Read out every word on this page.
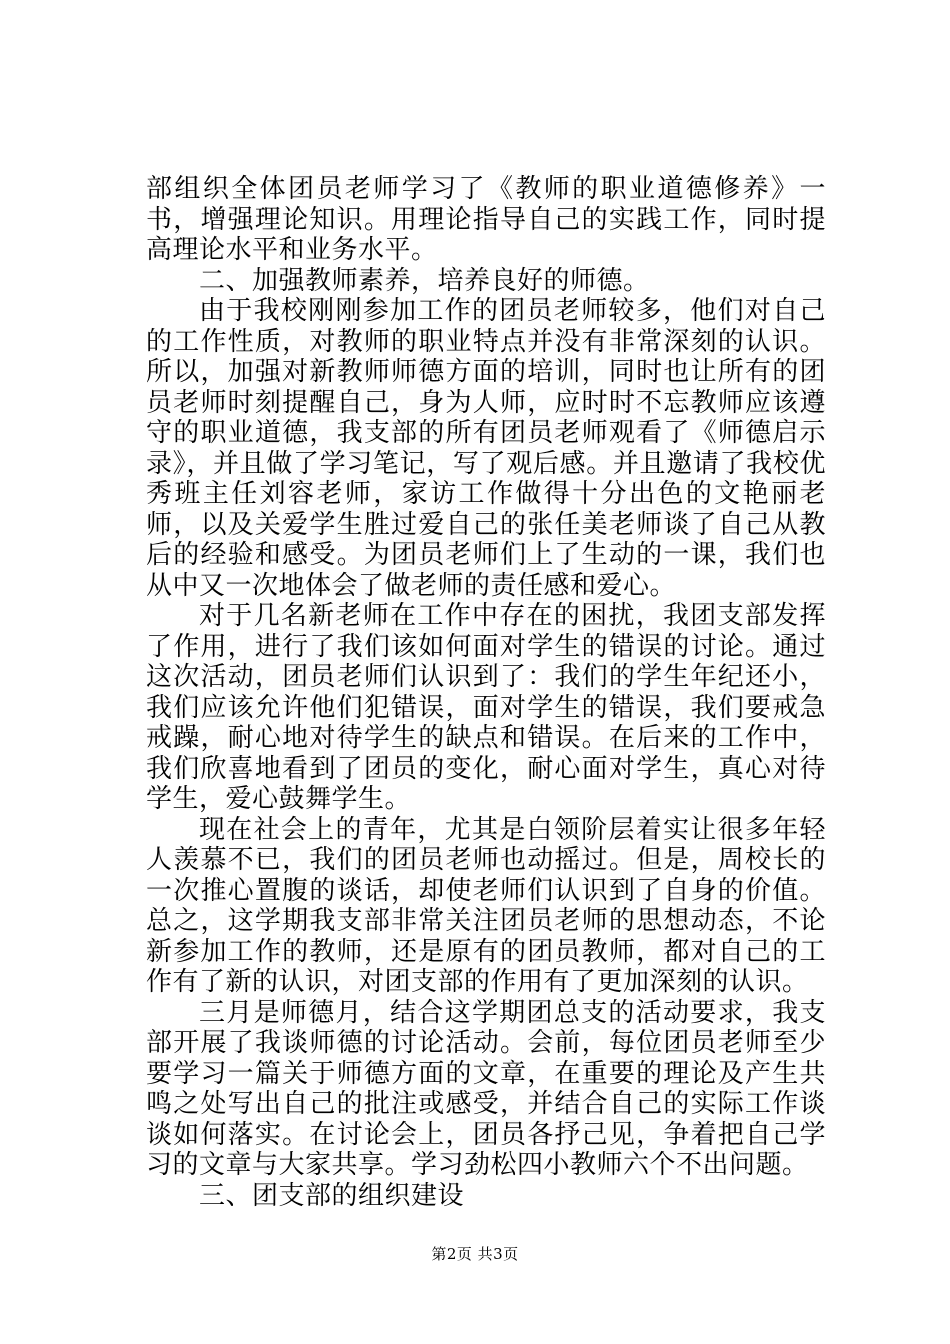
部组织全体团员老师学习了《教师的职业道德修养》一书，增强理论知识。用理论指导自己的实践工作，同时提高理论水平和业务水平。

二、加强教师素养，培养良好的师德。

由于我校刚刚参加工作的团员老师较多，他们对自己的工作性质，对教师的职业特点并没有非常深刻的认识。所以，加强对新教师师德方面的培训，同时也让所有的团员老师时刻提醒自己，身为人师，应时时不忘教师应该遵守的职业道德，我支部的所有团员老师观看了《师德启示录》，并且做了学习笔记，写了观后感。并且邀请了我校优秀班主任刘容老师，家访工作做得十分出色的文艳丽老师，以及关爱学生胜过爱自己的张任美老师谈了自己从教后的经验和感受。为团员老师们上了生动的一课，我们也从中又一次地体会了做老师的责任感和爱心。

对于几名新老师在工作中存在的困扰，我团支部发挥了作用，进行了我们该如何面对学生的错误的讨论。通过这次活动，团员老师们认识到了：我们的学生年纪还小，我们应该允许他们犯错误，面对学生的错误，我们要戒急戒躁，耐心地对待学生的缺点和错误。在后来的工作中，我们欣喜地看到了团员的变化，耐心面对学生，真心对待学生，爱心鼓舞学生。

现在社会上的青年，尤其是白领阶层着实让很多年轻人羡慕不已，我们的团员老师也动摇过。但是，周校长的一次推心置腹的谈话，却使老师们认识到了自身的价值。总之，这学期我支部非常关注团员老师的思想动态，不论新参加工作的教师，还是原有的团员教师，都对自己的工作有了新的认识，对团支部的作用有了更加深刻的认识。

三月是师德月，结合这学期团总支的活动要求，我支部开展了我谈师德的讨论活动。会前，每位团员老师至少要学习一篇关于师德方面的文章，在重要的理论及产生共鸣之处写出自己的批注或感受，并结合自己的实际工作谈谈如何落实。在讨论会上，团员各抒己见，争着把自己学习的文章与大家共享。学习劲松四小教师六个不出问题。

三、团支部的组织建设

第2页 共3页
